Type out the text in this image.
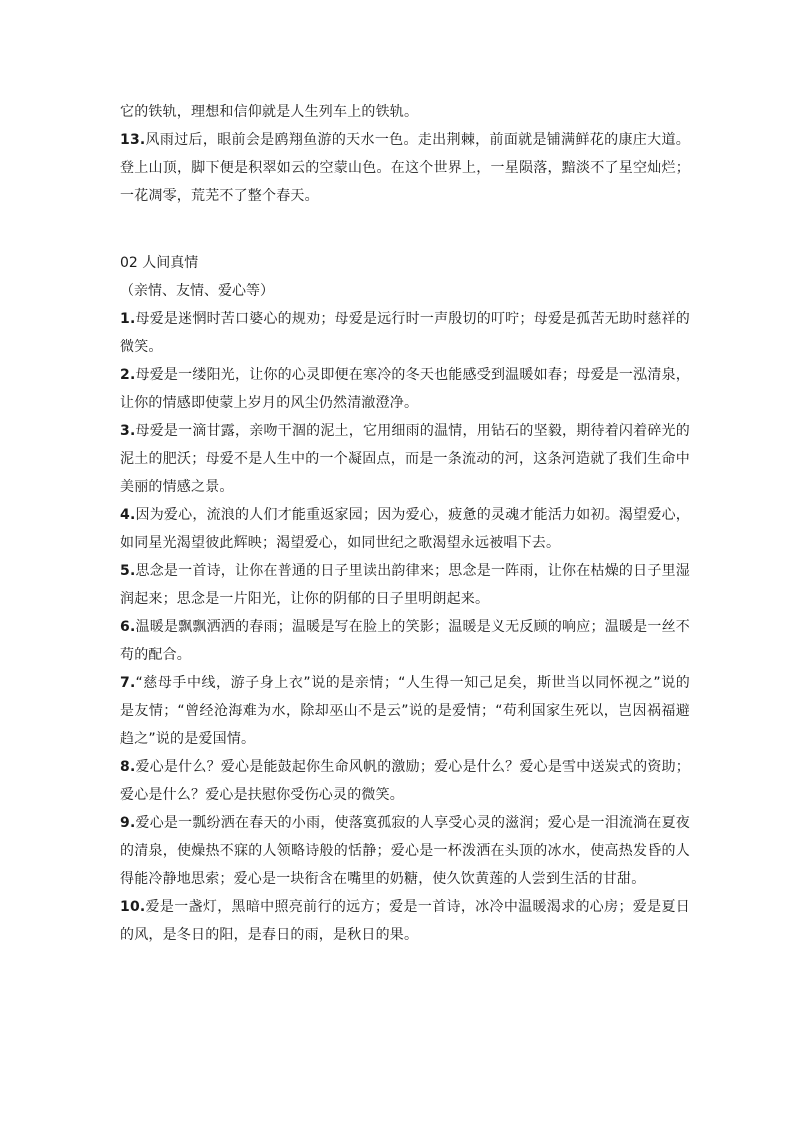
它的铁轨，理想和信仰就是人生列车上的铁轨。

13.风雨过后，眼前会是鸥翔鱼游的天水一色。走出荆棘，前面就是铺满鲜花的康庄大道。登上山顶，脚下便是积翠如云的空蒙山色。在这个世界上，一星陨落，黯淡不了星空灿烂；一花凋零，荒芜不了整个春天。

02 人间真情

（亲情、友情、爱心等）

1.母爱是迷惘时苦口婆心的规劝；母爱是远行时一声殷切的叮咛；母爱是孤苦无助时慈祥的微笑。

2.母爱是一缕阳光，让你的心灵即便在寒冷的冬天也能感受到温暖如春；母爱是一泓清泉，让你的情感即使蒙上岁月的风尘仍然清澈澄净。

3.母爱是一滴甘露，亲吻干涸的泥土，它用细雨的温情，用钻石的坚毅，期待着闪着碎光的泥土的肥沃；母爱不是人生中的一个凝固点，而是一条流动的河，这条河造就了我们生命中美丽的情感之景。

4.因为爱心，流浪的人们才能重返家园；因为爱心，疲惫的灵魂才能活力如初。渴望爱心，如同星光渴望彼此辉映；渴望爱心，如同世纪之歌渴望永远被唱下去。

5.思念是一首诗，让你在普通的日子里读出韵律来；思念是一阵雨，让你在枯燥的日子里湿润起来；思念是一片阳光，让你的阴郁的日子里明朗起来。

6.温暖是飘飘洒洒的春雨；温暖是写在脸上的笑影；温暖是义无反顾的响应；温暖是一丝不苟的配合。

7.“慈母手中线，游子身上衣”说的是亲情；“人生得一知己足矣，斯世当以同怀视之”说的是友情；“曾经沧海难为水，除却巫山不是云”说的是爱情；“苟利国家生死以，岂因祸福避趋之”说的是爱国情。

8.爱心是什么？爱心是能鼓起你生命风帆的激励；爱心是什么？爱心是雪中送炭式的资助；爱心是什么？爱心是扶慰你受伤心灵的微笑。

9.爱心是一瓢纷洒在春天的小雨，使落寞孤寂的人享受心灵的滋润；爱心是一泪流淌在夏夜的清泉，使燥热不寐的人领略诗般的恬静；爱心是一杯泼洒在头顶的冰水，使高热发昏的人得能冷静地思索；爱心是一块衔含在嘴里的奶糖，使久饮黄莲的人尝到生活的甘甜。

10.爱是一盏灯，黑暗中照亮前行的远方；爱是一首诗，冰冷中温暖渴求的心房；爱是夏日的风，是冬日的阳，是春日的雨，是秋日的果。
